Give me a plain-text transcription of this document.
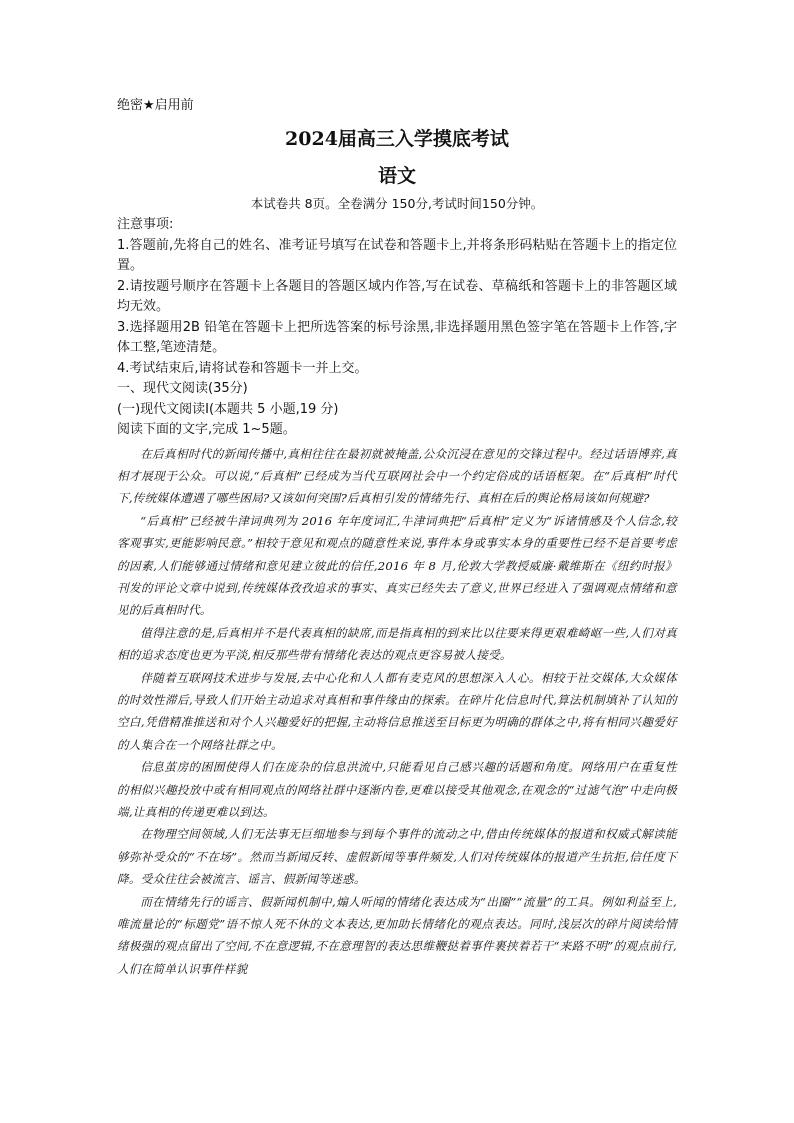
绝密★启用前

2024届高三入学摸底考试
语文

本试卷共 8页。全卷满分 150分,考试时间150分钟。

注意事项:

1.答题前,先将自己的姓名、准考证号填写在试卷和答题卡上,并将条形码粘贴在答题卡上的指定位置。

2.请按题号顺序在答题卡上各题目的答题区域内作答,写在试卷、草稿纸和答题卡上的非答题区域均无效。

3.选择题用2B 铅笔在答题卡上把所选答案的标号涂黑,非选择题用黑色签字笔在答题卡上作答,字体工整,笔迹清楚。

4.考试结束后,请将试卷和答题卡一并上交。

一、现代文阅读(35分)

(一)现代文阅读Ⅰ(本题共 5 小题,19 分)

阅读下面的文字,完成 1~5题。

在后真相时代的新闻传播中,真相往往在最初就被掩盖,公众沉浸在意见的交锋过程中。经过话语博弈,真相才展现于公众。可以说,“后真相”已经成为当代互联网社会中一个约定俗成的话语框架。在“后真相”时代下,传统媒体遭遇了哪些困局?又该如何突围?后真相引发的情绪先行、真相在后的舆论格局该如何规避?

“后真相”已经被牛津词典列为 2016 年年度词汇,牛津词典把“后真相”定义为“诉诸情感及个人信念,较客观事实,更能影响民意。”相较于意见和观点的随意性来说,事件本身或事实本身的重要性已经不是首要考虑的因素,人们能够通过情绪和意见建立彼此的信任,2016 年 8 月,伦敦大学教授威廉·戴维斯在《纽约时报》刊发的评论文章中说到,传统媒体孜孜追求的事实、真实已经失去了意义,世界已经进入了强调观点情绪和意见的后真相时代。

值得注意的是,后真相并不是代表真相的缺席,而是指真相的到来比以往要来得更艰难崎岖一些,人们对真相的追求态度也更为平淡,相反那些带有情绪化表达的观点更容易被人接受。

伴随着互联网技术进步与发展,去中心化和人人都有麦克风的思想深入人心。相较于社交媒体,大众媒体的时效性滞后,导致人们开始主动追求对真相和事件缘由的探索。在碎片化信息时代,算法机制填补了认知的空白,凭借精准推送和对个人兴趣爱好的把握,主动将信息推送至目标更为明确的群体之中,将有相同兴趣爱好的人集合在一个网络社群之中。

信息茧房的困囿使得人们在庞杂的信息洪流中,只能看见自己感兴趣的话题和角度。网络用户在重复性的相似兴趣投放中或有相同观点的网络社群中逐渐内卷,更难以接受其他观念,在观念的“过滤气泡”中走向极端,让真相的传递更难以到达。

在物理空间领域,人们无法事无巨细地参与到每个事件的流动之中,借由传统媒体的报道和权威式解读能够弥补受众的“不在场”。然而当新闻反转、虚假新闻等事件频发,人们对传统媒体的报道产生抗拒,信任度下降。受众往往会被流言、谣言、假新闻等迷惑。

而在情绪先行的谣言、假新闻机制中,煽人听闻的情绪化表达成为“出圈”“流量”的工具。例如利益至上,唯流量论的“标题党”语不惊人死不休的文本表达,更加助长情绪化的观点表达。同时,浅层次的碎片阅读给情绪极强的观点留出了空间,不在意逻辑,不在意理智的表达思维鞭挞着事件裹挟着若干“来路不明”的观点前行,人们在简单认识事件样貌
